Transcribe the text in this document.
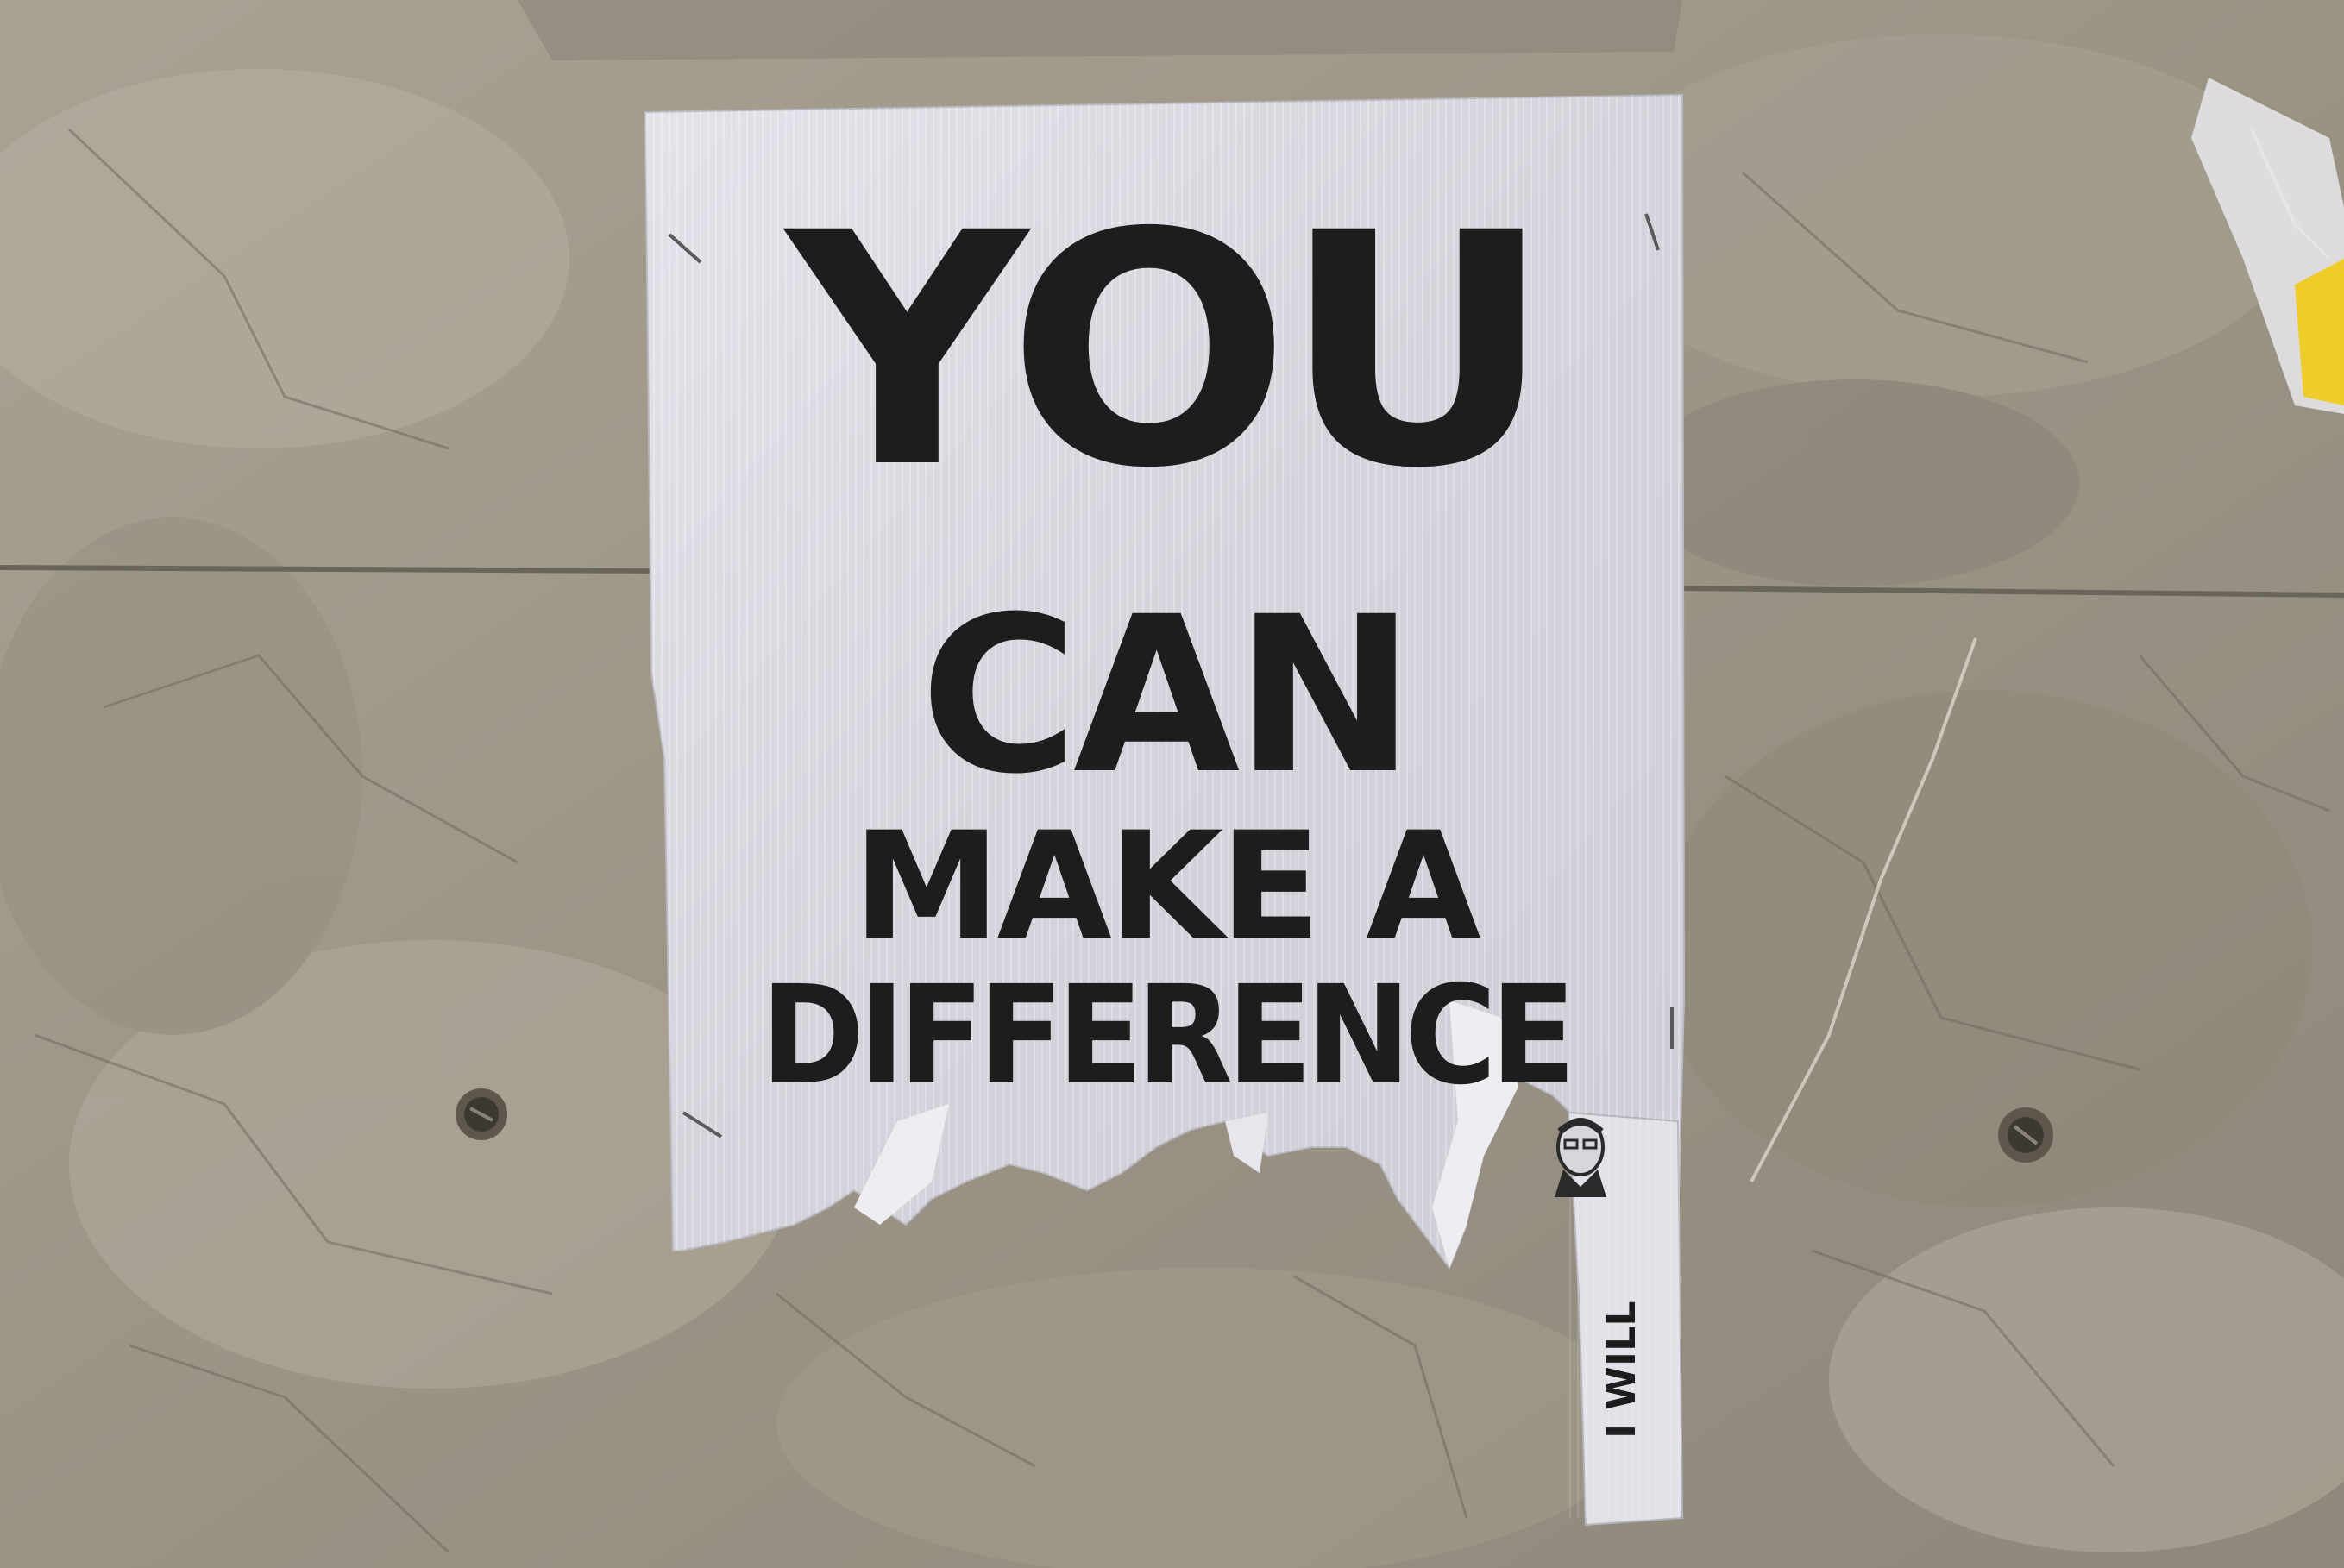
YOU
CAN
MAKE A
DIFFERENCE
I WILL
